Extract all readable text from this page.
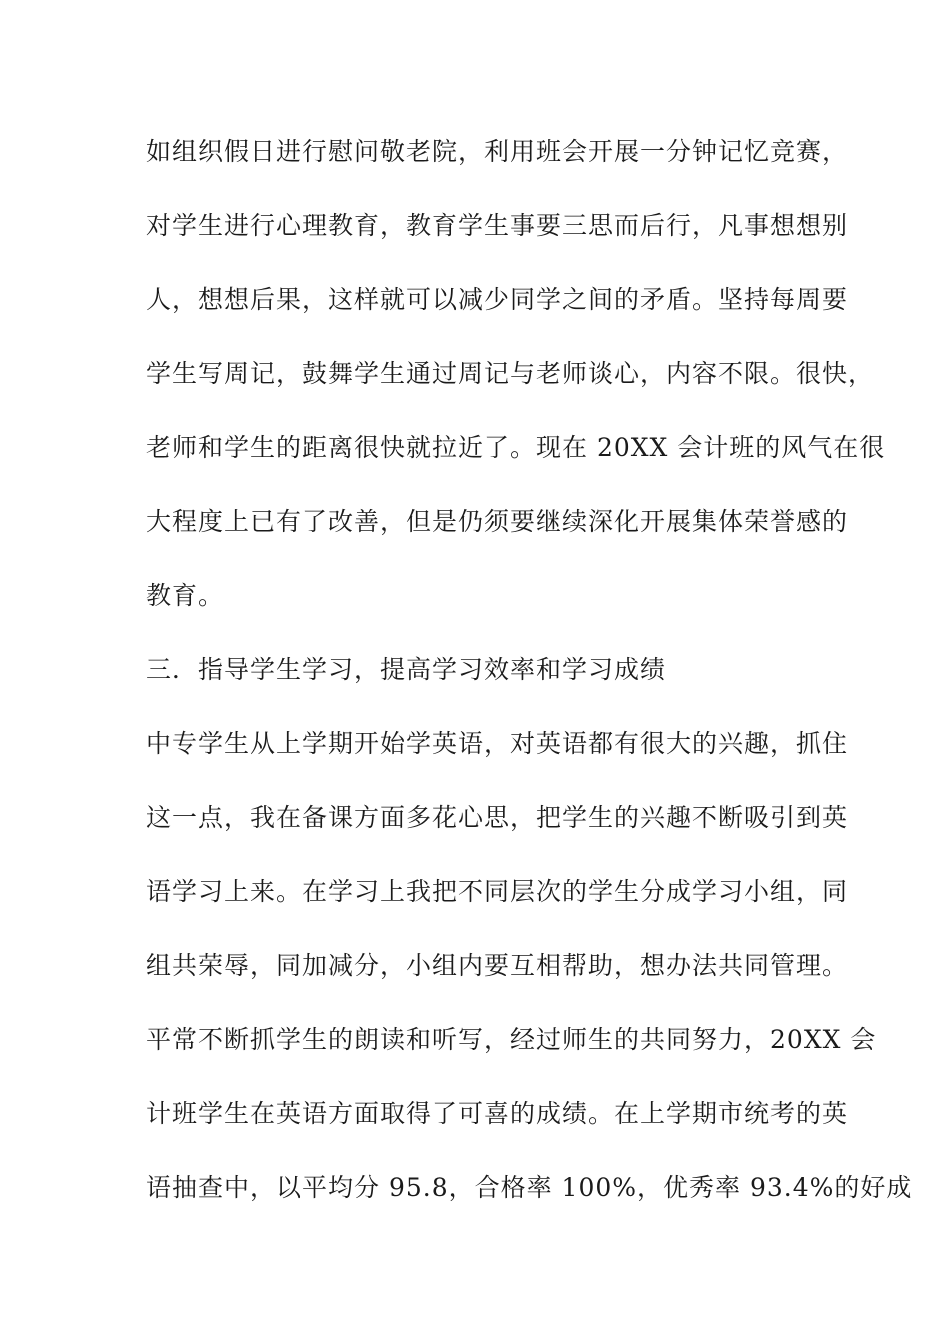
如组织假日进行慰问敬老院，利用班会开展一分钟记忆竞赛，

对学生进行心理教育，教育学生事要三思而后行，凡事想想别

人，想想后果，这样就可以减少同学之间的矛盾。坚持每周要

学生写周记，鼓舞学生通过周记与老师谈心，内容不限。很快，

老师和学生的距离很快就拉近了。现在 20XX 会计班的风气在很

大程度上已有了改善，但是仍须要继续深化开展集体荣誉感的

教育。

三．指导学生学习，提高学习效率和学习成绩

中专学生从上学期开始学英语，对英语都有很大的兴趣，抓住

这一点，我在备课方面多花心思，把学生的兴趣不断吸引到英

语学习上来。在学习上我把不同层次的学生分成学习小组，同

组共荣辱，同加减分，小组内要互相帮助，想办法共同管理。

平常不断抓学生的朗读和听写，经过师生的共同努力，20XX 会

计班学生在英语方面取得了可喜的成绩。在上学期市统考的英

语抽查中，以平均分 95.8，合格率 100%，优秀率 93.4%的好成
